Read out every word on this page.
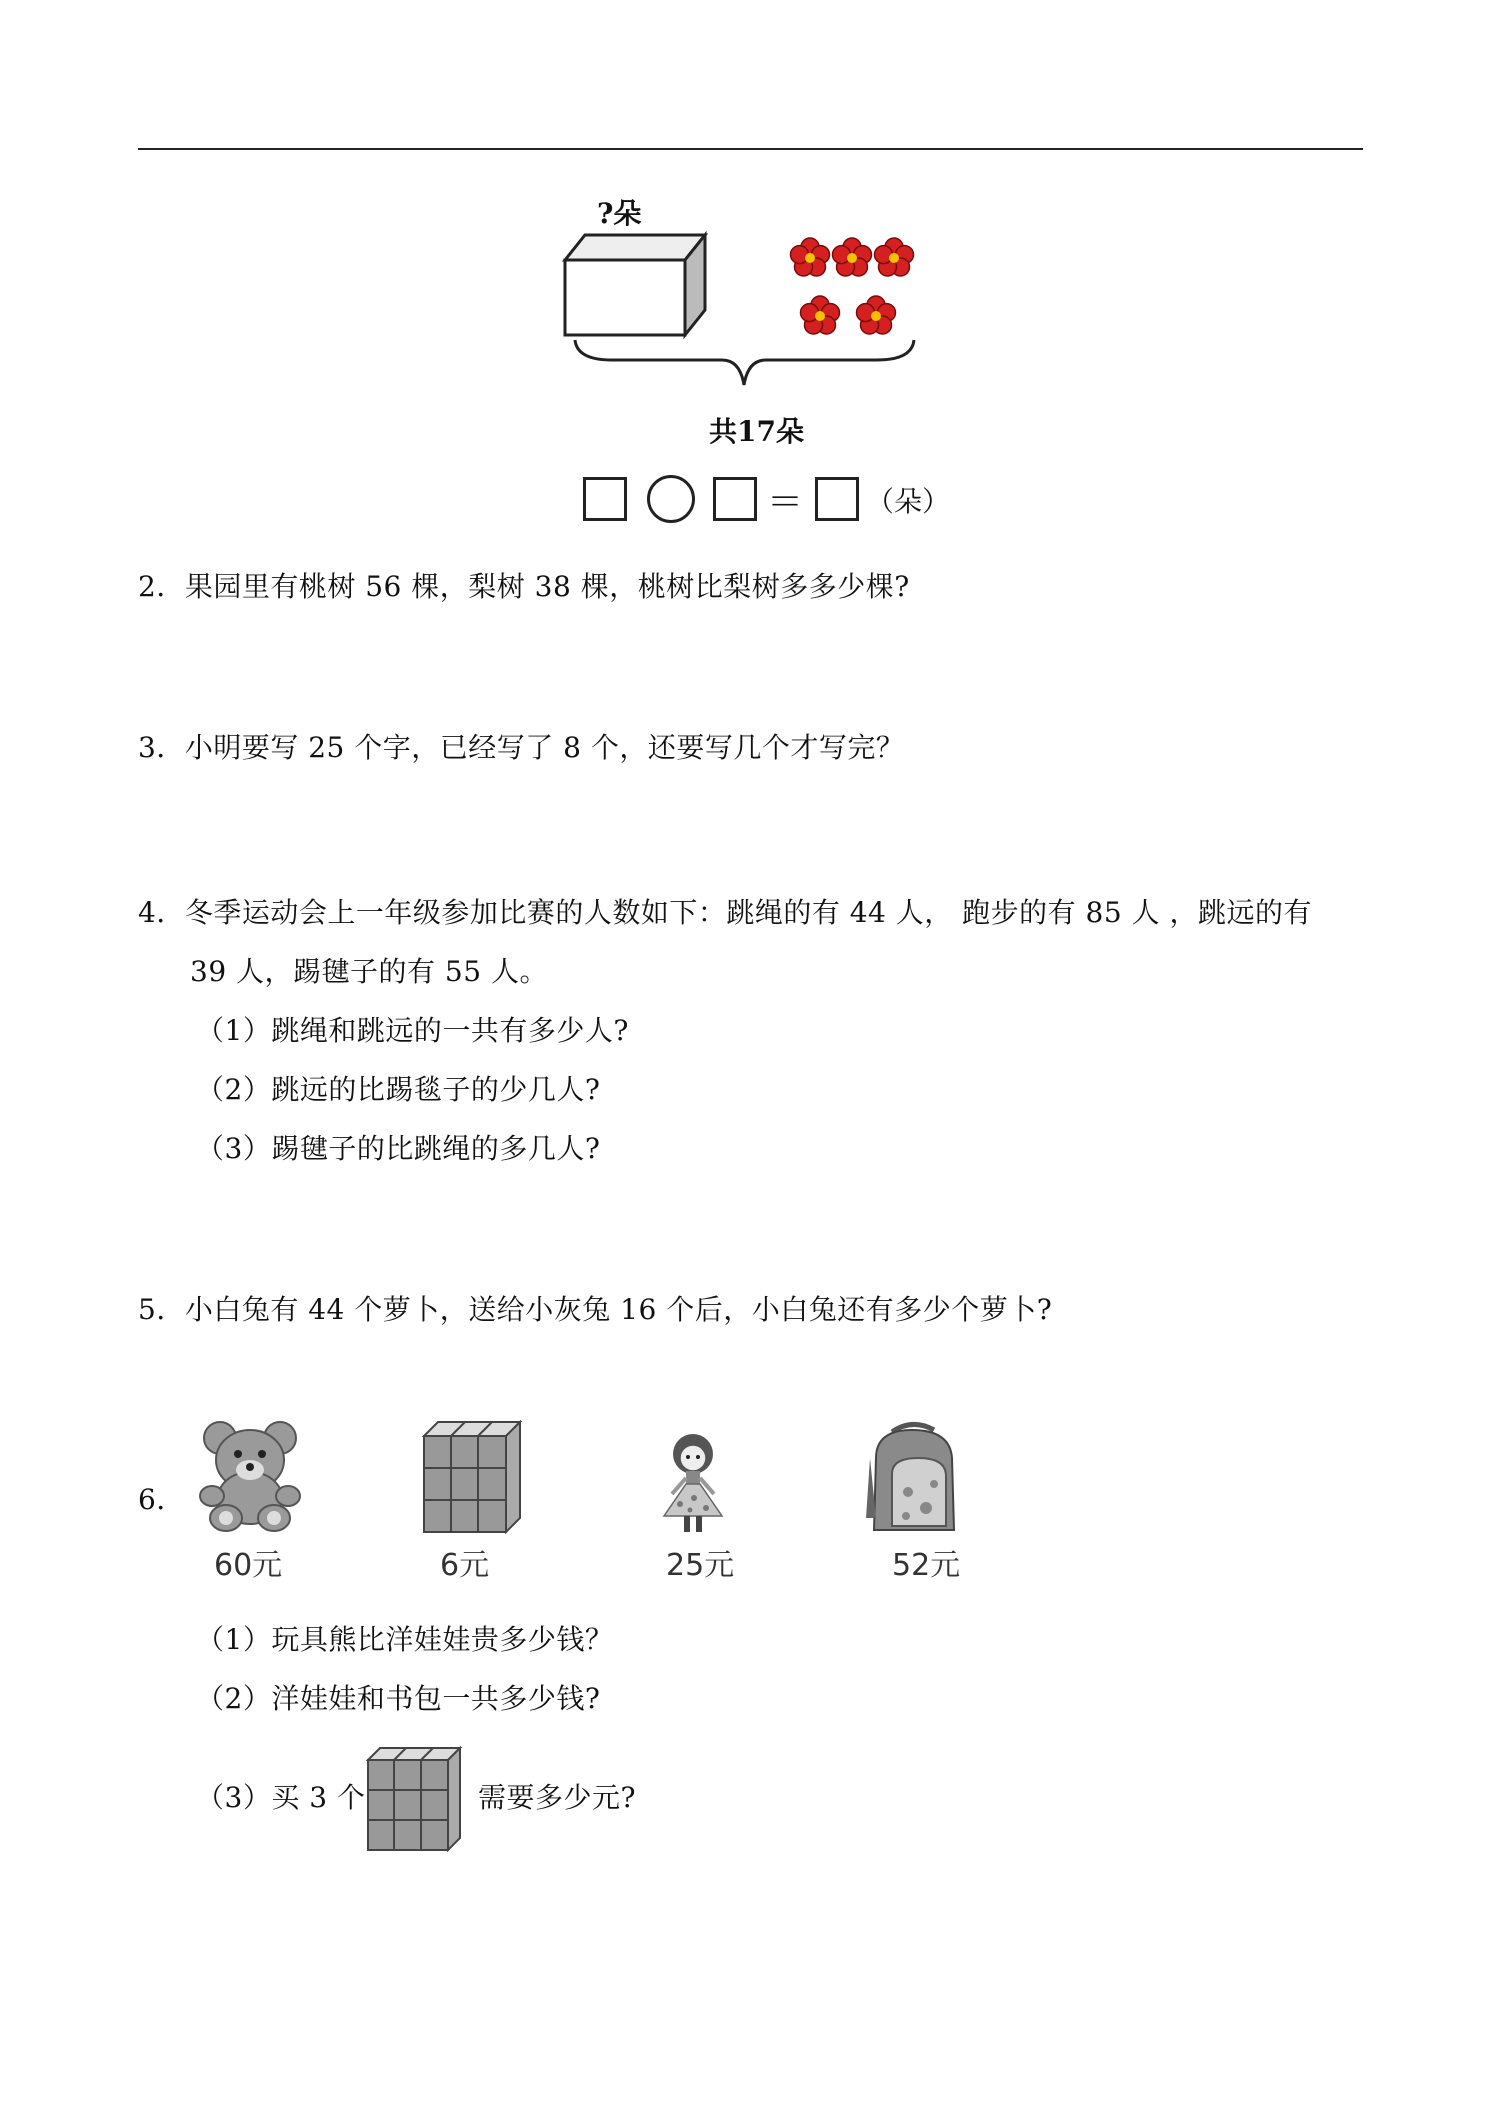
?朵
共17朵
＝ （朵）
2．果园里有桃树 56 棵，梨树 38 棵，桃树比梨树多多少棵?
3．小明要写 25 个字，已经写了 8 个，还要写几个才写完？
4．冬季运动会上一年级参加比赛的人数如下：跳绳的有 44 人， 跑步的有 85 人 ，跳远的有
39 人，踢毽子的有 55 人。
（1）跳绳和跳远的一共有多少人?
（2）跳远的比踢毯子的少几人?
（3）踢毽子的比跳绳的多几人?
5．小白兔有 44 个萝卜，送给小灰兔 16 个后，小白兔还有多少个萝卜?
6．
60元	6元	25元	52元
（1）玩具熊比洋娃娃贵多少钱？
（2）洋娃娃和书包一共多少钱?
（3）买 3 个	需要多少元?
